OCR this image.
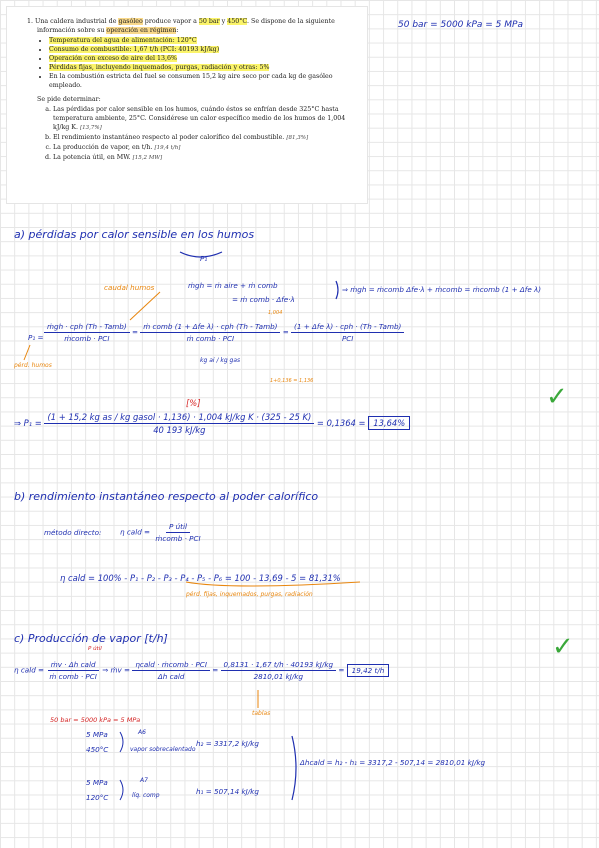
1. Una caldera industrial de gasóleo produce vapor a 50 bar y 450°C. Se dispone de la siguiente información sobre su operación en régimen:
• Temperatura del agua de alimentación: 120°C
• Consumo de combustible: 1,67 t/h (PCI: 40193 kJ/kg)
• Operación con exceso de aire del 13,6%
• Pérdidas fijas, incluyendo inquemados, purgas, radiación y otras: 5%
• En la combustión estricta del fuel se consumen 15,2 kg aire seco por cada kg de gasóleo empleado.
Se pide determinar:
a. Las pérdidas por calor sensible en los humos, cuándo éstos se enfrían desde 325°C hasta temperatura ambiente, 25°C. Considérese un calor específico medio de los humos de 1,004 kJ/kg K. [13,7%]
b. El rendimiento instantáneo respecto al poder calorífico del combustible. [81,3%]
c. La producción de vapor, en t/h. [19,4 t/h]
d. La potencia útil, en MW. [15,2 MW]
50 bar = 5000 kPa = 5 MPa
a) pérdidas por calor sensible en los humos
P₁
caudal humos	ṁgh = ṁ aire + ṁ comb
= ṁ comb · Δfe·λ
⇒ ṁgh = ṁcomb Δfe·λ + ṁcomb = ṁcomb (1 + Δfe λ)
1,004
$P_1 = \frac{\text{ṁgh · cph (Th - Tamb)}}{\text{ṁcomb · PCI}} = \frac{\text{ṁ comb (1 + Δfe λ) · cph (Th - Tamb)}}{\text{ṁ comb · PCI}} = \frac{\text{(1 + Δfe λ) · cph · (Th - Tamb)}}{\text{PCI}}$
pérd. humos
kg ai / kg gas
1+0,136 = 1,136
[%]
⇒ P₁ =
(1 + 15,2 kg as / kg gasol · 1,136) · 1,004 kJ/kg K · (325 - 25 K)
40 193 kJ/kg
= 0,1364 = 13,64%
✓
b) rendimiento instantáneo respecto al poder calorífico
método directo:	η cald = $\frac{\text{P útil}}{\text{ṁcomb · PCI}}$
η cald = 100% - P₁ - P₂ - P₃ - P₄ - P₅ - P₆ = 100 - 13,69 - 5 = 81,31%
pérd. fijas, inquemados, purgas, radiación
c) Producción de vapor [t/h]
P útil	✓
η cald = $\frac{\text{ṁv · Δh cald}}{\text{ṁ comb · PCI}}$ ⇒ ṁv = $\frac{\text{ηcald · ṁcomb · PCI}}{\text{Δh cald}} = \frac{0,8131 \cdot 1,67 t/h \cdot 40193 kJ/kg}{2810,01 kJ/kg} = 19,42$ t/h
tablas
50 bar = 5000 kPa = 5 MPa
5 MPa
450°C
A6
vapor sobrecalentado
h₂ = 3317,2 kJ/kg
Δhcald = h₂ - h₁ = 3317,2 - 507,14 = 2810,01 kJ/kg
5 MPa
120°C
A7
líq. comp	h₁ = 507,14 kJ/kg
